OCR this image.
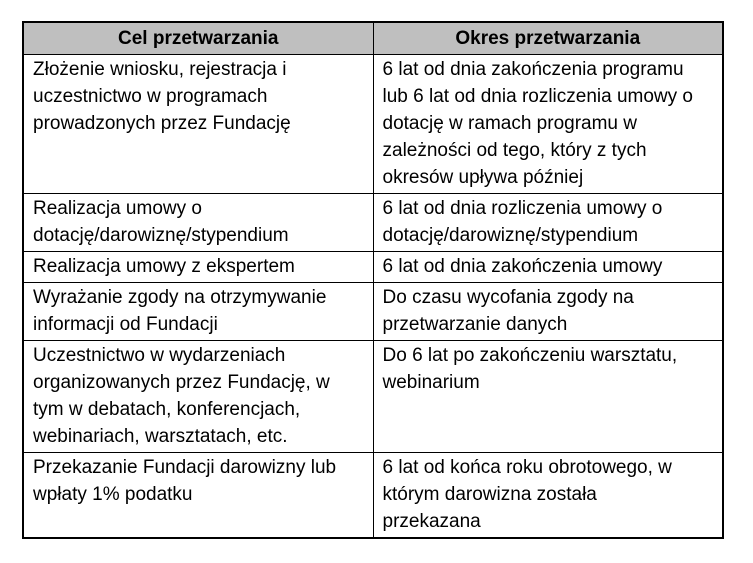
Cel przetwarzania	Okres przetwarzania
Złożenie wniosku, rejestracja i uczestnictwo w programach prowadzonych przez Fundację	6 lat od dnia zakończenia programu lub 6 lat od dnia rozliczenia umowy o dotację w ramach programu w zależności od tego, który z tych okresów upływa później
Realizacja umowy o dotację/darowiznę/stypendium	6 lat od dnia rozliczenia umowy o dotację/darowiznę/stypendium
Realizacja umowy z ekspertem	6 lat od dnia zakończenia umowy
Wyrażanie zgody na otrzymywanie informacji od Fundacji	Do czasu wycofania zgody na przetwarzanie danych
Uczestnictwo w wydarzeniach organizowanych przez Fundację, w tym w debatach, konferencjach, webinariach, warsztatach, etc.	Do 6 lat po zakończeniu warsztatu, webinarium
Przekazanie Fundacji darowizny lub wpłaty 1% podatku	6 lat od końca roku obrotowego, w którym darowizna została przekazana
